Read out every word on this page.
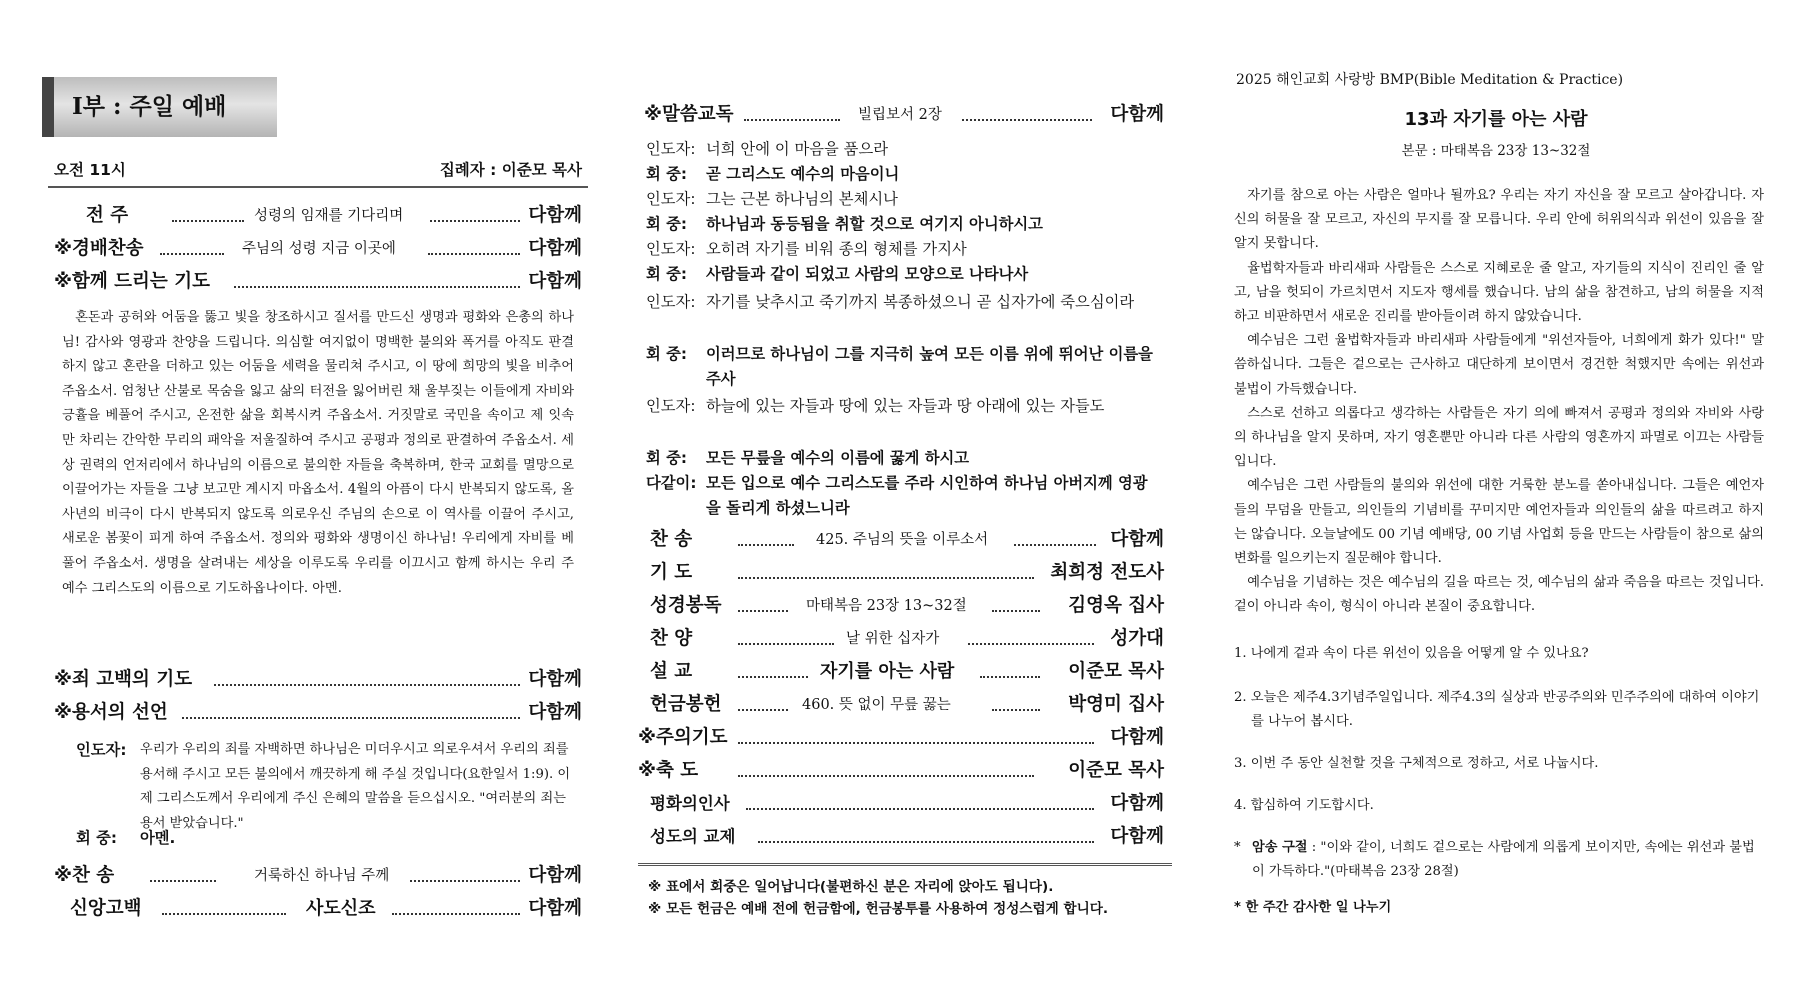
I부 : 주일 예배
오전 11시	집례자 : 이준모 목사
전 주	성령의 임재를 기다리며	다함께
※경배찬송	주님의 성령 지금 이곳에	다함께
※함께 드리는 기도	다함께
혼돈과 공허와 어둠을 뚫고 빛을 창조하시고 질서를 만드신 생명과 평화와 은총의 하나님! 감사와 영광과 찬양을 드립니다. 의심할 여지없이 명백한 불의와 폭거를 아직도 판결하지 않고 혼란을 더하고 있는 어둠을 세력을 물리쳐 주시고, 이 땅에 희망의 빛을 비추어 주옵소서. 엄청난 산불로 목숨을 잃고 삶의 터전을 잃어버린 채 울부짖는 이들에게 자비와 긍휼을 베풀어 주시고, 온전한 삶을 회복시켜 주옵소서. 거짓말로 국민을 속이고 제 잇속만 차리는 간악한 무리의 패악을 저울질하여 주시고 공평과 정의로 판결하여 주옵소서. 세상 권력의 언저리에서 하나님의 이름으로 불의한 자들을 축복하며, 한국 교회를 멸망으로 이끌어가는 자들을 그냥 보고만 계시지 마옵소서. 4월의 아픔이 다시 반복되지 않도록, 올사년의 비극이 다시 반복되지 않도록 의로우신 주님의 손으로 이 역사를 이끌어 주시고, 새로운 봄꽃이 피게 하여 주옵소서. 정의와 평화와 생명이신 하나님! 우리에게 자비를 베풀어 주옵소서. 생명을 살려내는 세상을 이루도록 우리를 이끄시고 함께 하시는 우리 주 예수 그리스도의 이름으로 기도하옵나이다. 아멘.
※죄 고백의 기도	다함께
※용서의 선언	다함께
인도자: 우리가 우리의 죄를 자백하면 하나님은 미더우시고 의로우셔서 우리의 죄를 용서해 주시고 모든 불의에서 깨끗하게 해 주실 것입니다(요한일서 1:9). 이제 그리스도께서 우리에게 주신 은혜의 말씀을 듣으십시오. "여러분의 죄는 용서 받았습니다."
회 중: 아멘.
※찬 송	거룩하신 하나님 주께	다함께
신앙고백	사도신조	다함께
※말씀교독	빌립보서 2장	다함께
인도자: 너희 안에 이 마음을 품으라
회 중: 곧 그리스도 예수의 마음이니
인도자: 그는 근본 하나님의 본체시나
회 중: 하나님과 동등됨을 취할 것으로 여기지 아니하시고
인도자: 오히려 자기를 비워 종의 형체를 가지사
회 중: 사람들과 같이 되었고 사람의 모양으로 나타나사
인도자: 자기를 낮추시고 죽기까지 복종하셨으니 곧 십자가에 죽으심이라
회 중: 이러므로 하나님이 그를 지극히 높여 모든 이름 위에 뛰어난 이름을 주사
인도자: 하늘에 있는 자들과 땅에 있는 자들과 땅 아래에 있는 자들도
회 중: 모든 무릎을 예수의 이름에 꿇게 하시고
다같이: 모든 입으로 예수 그리스도를 주라 시인하여 하나님 아버지께 영광을 돌리게 하셨느니라
찬 송	425. 주님의 뜻을 이루소서	다함께
기 도	최희정 전도사
성경봉독	마태복음 23장 13~32절	김영옥 집사
찬 양	날 위한 십자가	성가대
설 교	자기를 아는 사람	이준모 목사
헌금봉헌	460. 뜻 없이 무릎 꿇는	박영미 집사
※주의기도	다함께
※축 도	이준모 목사
평화의인사	다함께
성도의 교제	다함께
※ 표에서 회중은 일어납니다(불편하신 분은 자리에 앉아도 됩니다).
※ 모든 헌금은 예배 전에 헌금함에, 헌금봉투를 사용하여 정성스럽게 합니다.
2025 해인교회 사랑방 BMP(Bible Meditation & Practice)
13과 자기를 아는 사람
본문 : 마태복음 23장 13~32절

자기를 참으로 아는 사람은 얼마나 될까요? 우리는 자기 자신을 잘 모르고 살아갑니다. 자신의 허물을 잘 모르고, 자신의 무지를 잘 모릅니다. 우리 안에 허위의식과 위선이 있음을 잘 알지 못합니다.

율법학자들과 바리새파 사람들은 스스로 지혜로운 줄 알고, 자기들의 지식이 진리인 줄 알고, 남을 헛되이 가르치면서 지도자 행세를 했습니다. 남의 삶을 참견하고, 남의 허물을 지적하고 비판하면서 새로운 진리를 받아들이려 하지 않았습니다.

예수님은 그런 율법학자들과 바리새파 사람들에게 "위선자들아, 너희에게 화가 있다!" 말씀하십니다. 그들은 겉으로는 근사하고 대단하게 보이면서 경건한 척했지만 속에는 위선과 불법이 가득했습니다.

스스로 선하고 의롭다고 생각하는 사람들은 자기 의에 빠져서 공평과 정의와 자비와 사랑의 하나님을 알지 못하며, 자기 영혼뿐만 아니라 다른 사람의 영혼까지 파멸로 이끄는 사람들입니다.

예수님은 그런 사람들의 불의와 위선에 대한 거룩한 분노를 쏟아내십니다. 그들은 예언자들의 무덤을 만들고, 의인들의 기념비를 꾸미지만 예언자들과 의인들의 삶을 따르려고 하지는 않습니다. 오늘날에도 00 기념 예배당, 00 기념 사업회 등을 만드는 사람들이 참으로 삶의 변화를 일으키는지 질문해야 합니다.

예수님을 기념하는 것은 예수님의 길을 따르는 것, 예수님의 삶과 죽음을 따르는 것입니다. 겉이 아니라 속이, 형식이 아니라 본질이 중요합니다.

1. 나에게 겉과 속이 다른 위선이 있음을 어떻게 알 수 있나요?
2. 오늘은 제주4.3기념주일입니다. 제주4.3의 실상과 반공주의와 민주주의에 대하여 이야기를 나누어 봅시다.
3. 이번 주 동안 실천할 것을 구체적으로 정하고, 서로 나눕시다.
4. 합심하여 기도합시다.
* 암송 구절 : "이와 같이, 너희도 겉으로는 사람에게 의롭게 보이지만, 속에는 위선과 불법이 가득하다."(마태복음 23장 28절)
* 한 주간 감사한 일 나누기
